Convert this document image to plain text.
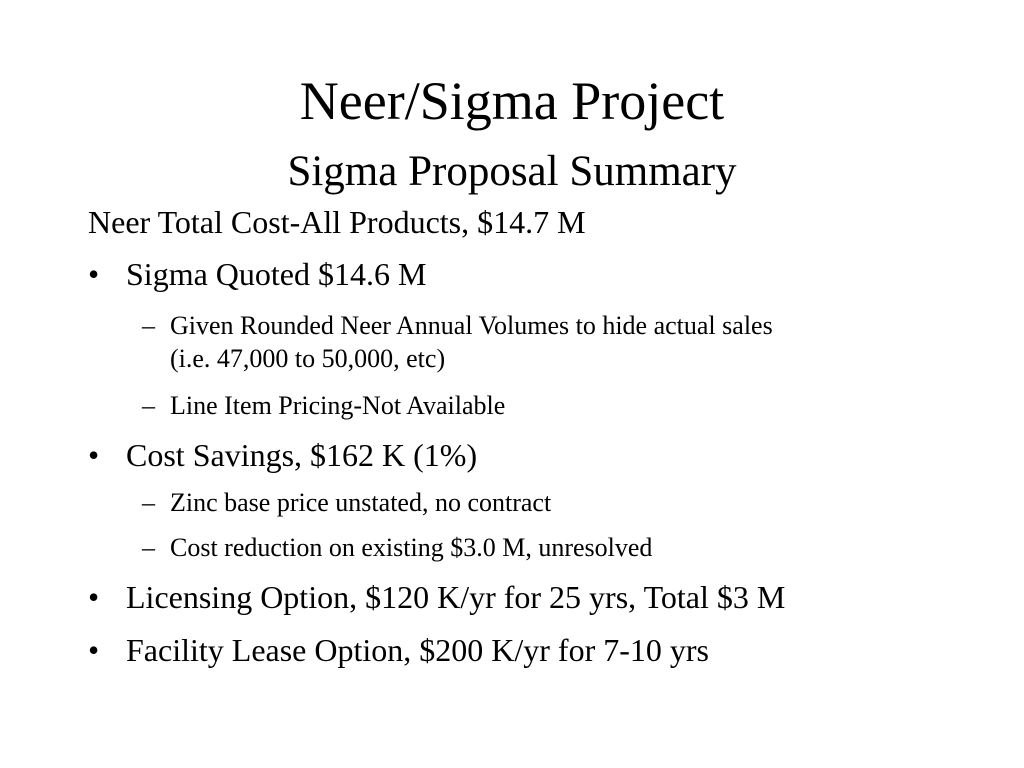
Neer/Sigma Project
Sigma Proposal Summary
Neer Total Cost-All Products, $14.7 M
• Sigma Quoted $14.6 M
– Given Rounded Neer Annual Volumes to hide actual sales
(i.e. 47,000 to 50,000, etc)
– Line Item Pricing-Not Available
• Cost Savings, $162 K (1%)
– Zinc base price unstated, no contract
– Cost reduction on existing $3.0 M, unresolved
• Licensing Option, $120 K/yr for 25 yrs, Total $3 M
• Facility Lease Option, $200 K/yr for 7-10 yrs
